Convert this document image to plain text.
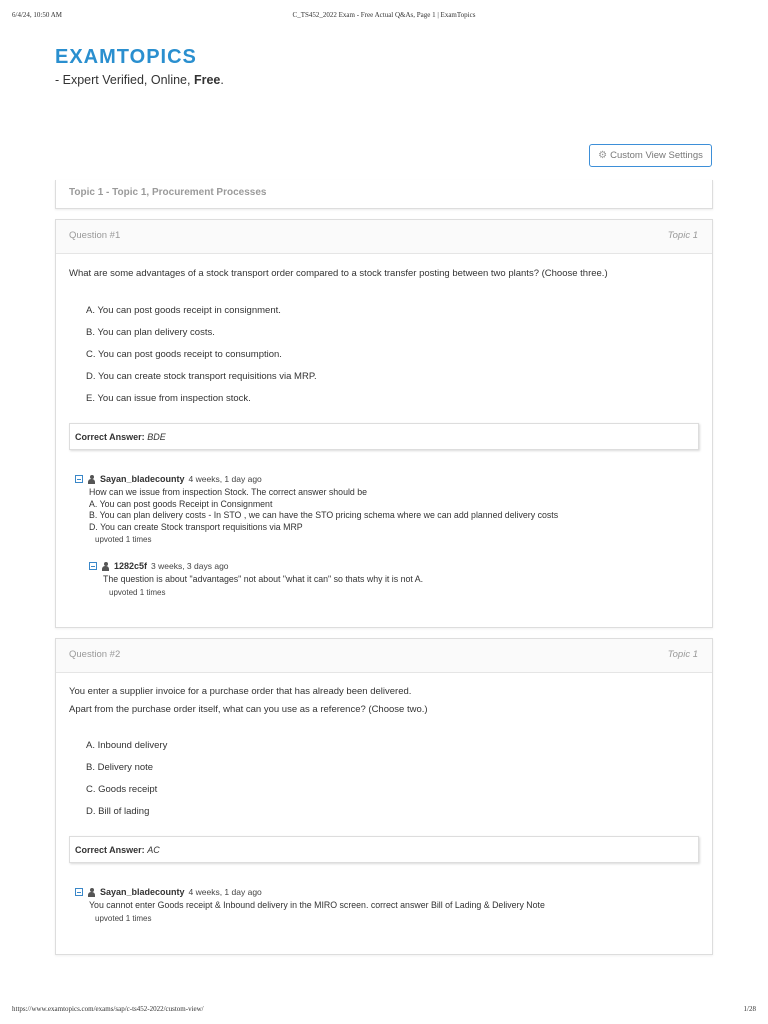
6/4/24, 10:50 AM	C_TS452_2022 Exam - Free Actual Q&As, Page 1 | ExamTopics
EXAMTOPICS
- Expert Verified, Online, Free.
⚙ Custom View Settings
Topic 1 - Topic 1, Procurement Processes
Question #1	Topic 1
What are some advantages of a stock transport order compared to a stock transfer posting between two plants? (Choose three.)
A. You can post goods receipt in consignment.
B. You can plan delivery costs.
C. You can post goods receipt to consumption.
D. You can create stock transport requisitions via MRP.
E. You can issue from inspection stock.
Correct Answer: BDE
Sayan_bladecounty 4 weeks, 1 day ago
How can we issue from inspection Stock. The correct answer should be
A. You can post goods Receipt in Consignment
B. You can plan delivery costs - In STO , we can have the STO pricing schema where we can add planned delivery costs
D. You can create Stock transport requisitions via MRP
upvoted 1 times
1282c5f 3 weeks, 3 days ago
The question is about "advantages" not about "what it can" so thats why it is not A.
upvoted 1 times
Question #2	Topic 1
You enter a supplier invoice for a purchase order that has already been delivered.
Apart from the purchase order itself, what can you use as a reference? (Choose two.)
A. Inbound delivery
B. Delivery note
C. Goods receipt
D. Bill of lading
Correct Answer: AC
Sayan_bladecounty 4 weeks, 1 day ago
You cannot enter Goods receipt & Inbound delivery in the MIRO screen. correct answer Bill of Lading & Delivery Note
upvoted 1 times
https://www.examtopics.com/exams/sap/c-ts452-2022/custom-view/	1/28
